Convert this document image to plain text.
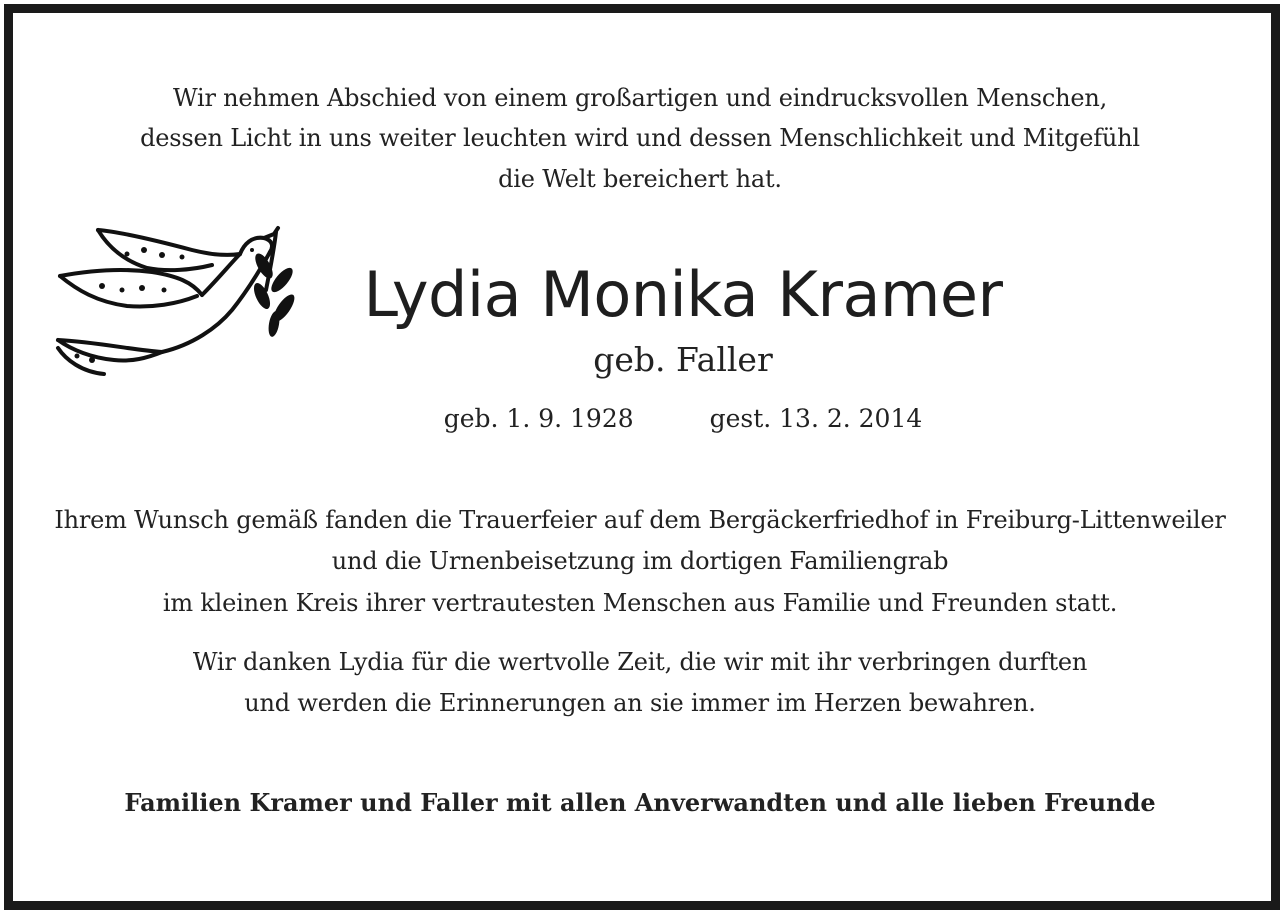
Wir nehmen Abschied von einem großartigen und eindrucksvollen Menschen,
dessen Licht in uns weiter leuchten wird und dessen Menschlichkeit und Mitgefühl
die Welt bereichert hat.
Lydia Monika Kramer
geb. Faller
geb. 1. 9. 1928	gest. 13. 2. 2014
Ihrem Wunsch gemäß fanden die Trauerfeier auf dem Bergäckerfriedhof in Freiburg-Littenweiler
und die Urnenbeisetzung im dortigen Familiengrab
im kleinen Kreis ihrer vertrautesten Menschen aus Familie und Freunden statt.
Wir danken Lydia für die wertvolle Zeit, die wir mit ihr verbringen durften
und werden die Erinnerungen an sie immer im Herzen bewahren.
Familien Kramer und Faller mit allen Anverwandten und alle lieben Freunde
